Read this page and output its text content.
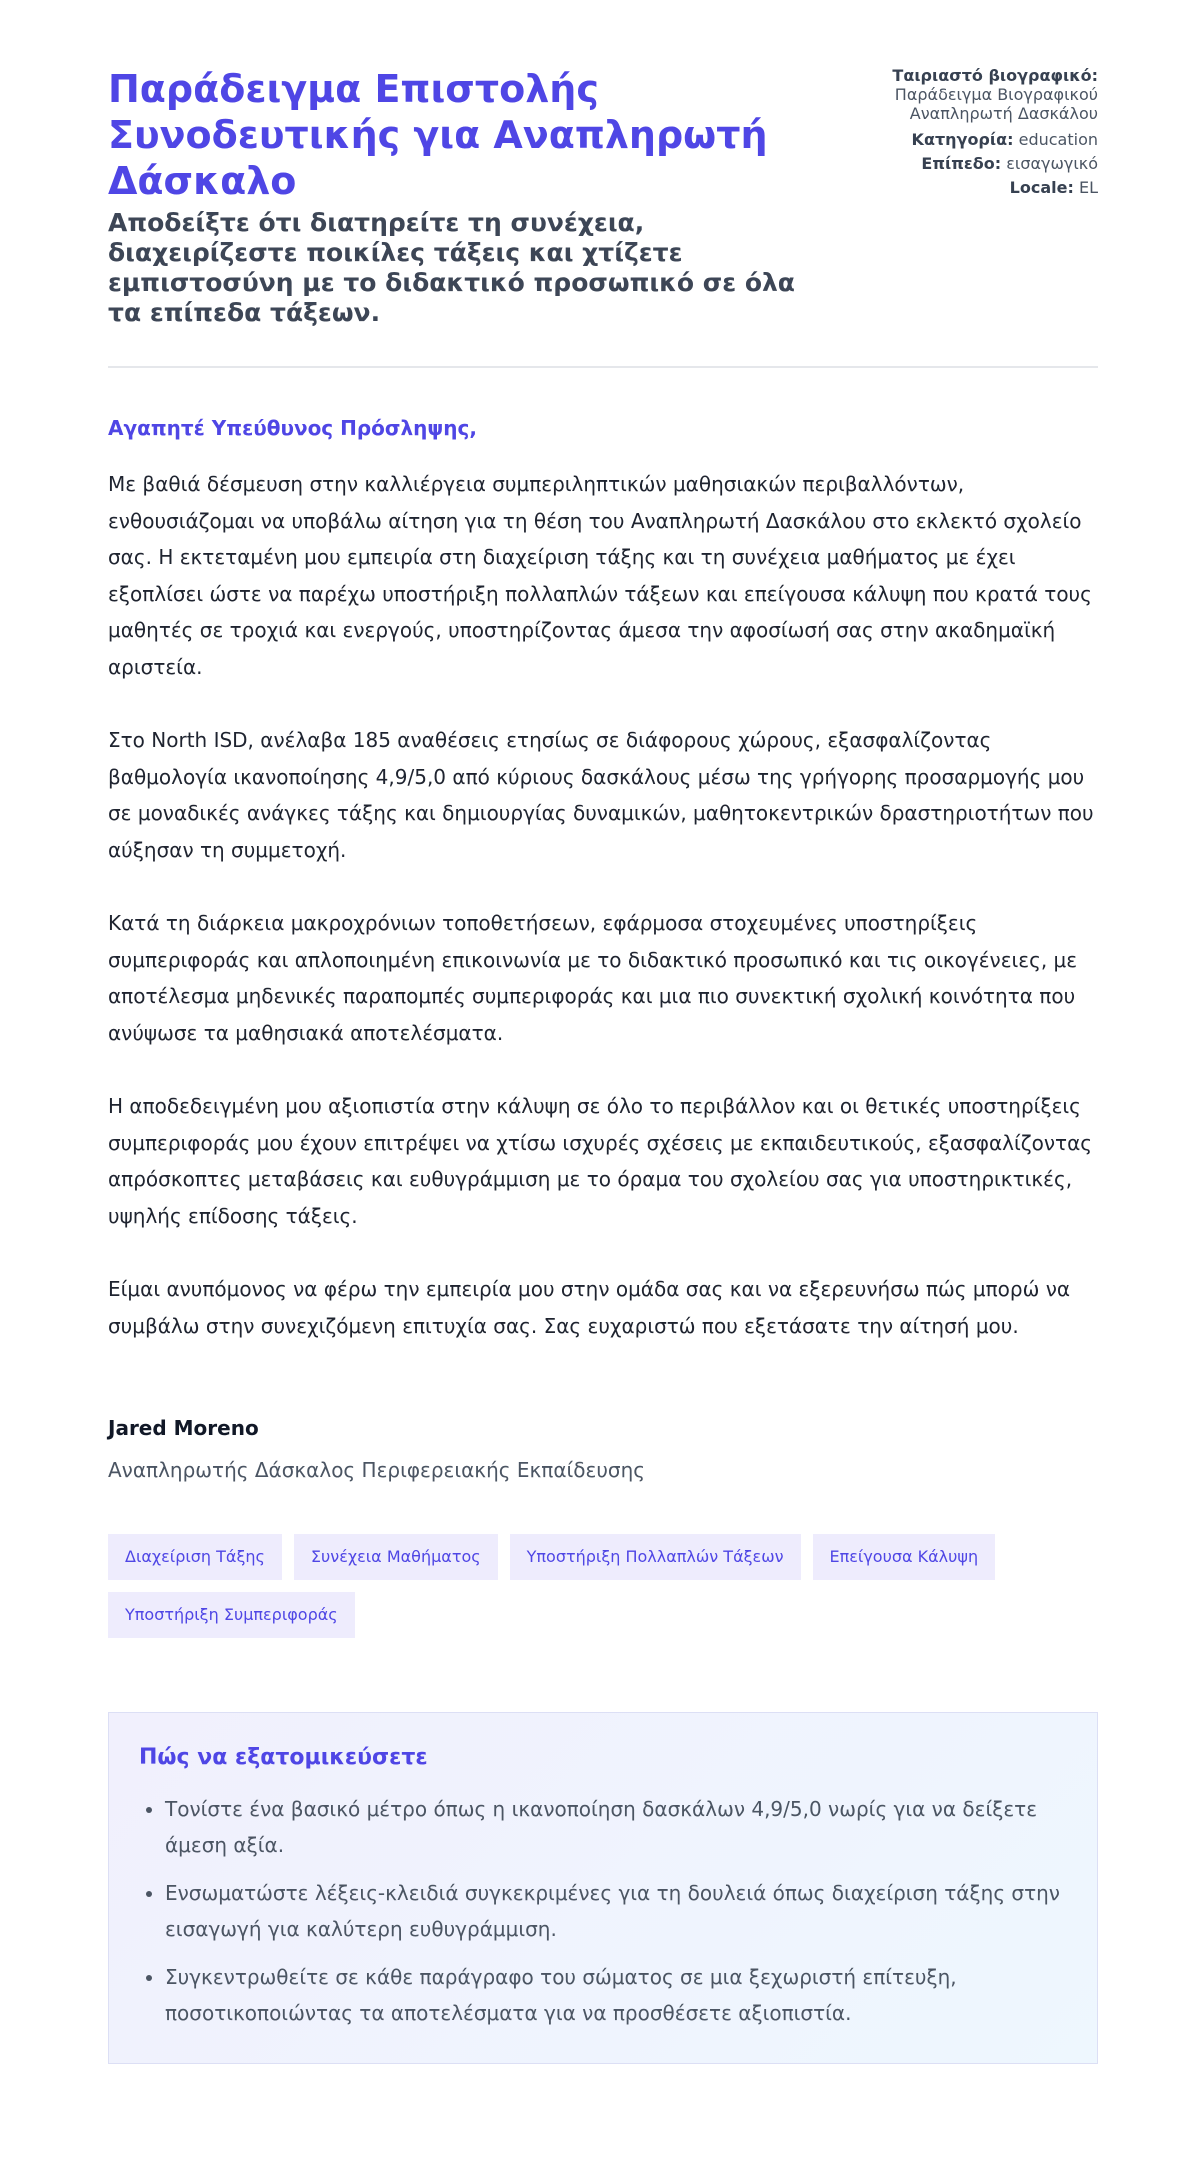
Παράδειγμα Επιστολής Συνοδευτικής για Αναπληρωτή Δάσκαλο
Αποδείξτε ότι διατηρείτε τη συνέχεια, διαχειρίζεστε ποικίλες τάξεις και χτίζετε εμπιστοσύνη με το διδακτικό προσωπικό σε όλα τα επίπεδα τάξεων.
Ταιριαστό βιογραφικό:
Παράδειγμα Βιογραφικού Αναπληρωτή Δασκάλου
Κατηγορία: education
Επίπεδο: εισαγωγικό
Locale: EL
Αγαπητέ Υπεύθυνος Πρόσληψης,

Με βαθιά δέσμευση στην καλλιέργεια συμπεριληπτικών μαθησιακών περιβαλλόντων, ενθουσιάζομαι να υποβάλω αίτηση για τη θέση του Αναπληρωτή Δασκάλου στο εκλεκτό σχολείο σας. Η εκτεταμένη μου εμπειρία στη διαχείριση τάξης και τη συνέχεια μαθήματος με έχει εξοπλίσει ώστε να παρέχω υποστήριξη πολλαπλών τάξεων και επείγουσα κάλυψη που κρατά τους μαθητές σε τροχιά και ενεργούς, υποστηρίζοντας άμεσα την αφοσίωσή σας στην ακαδημαϊκή αριστεία.

Στο North ISD, ανέλαβα 185 αναθέσεις ετησίως σε διάφορους χώρους, εξασφαλίζοντας βαθμολογία ικανοποίησης 4,9/5,0 από κύριους δασκάλους μέσω της γρήγορης προσαρμογής μου σε μοναδικές ανάγκες τάξης και δημιουργίας δυναμικών, μαθητοκεντρικών δραστηριοτήτων που αύξησαν τη συμμετοχή.

Κατά τη διάρκεια μακροχρόνιων τοποθετήσεων, εφάρμοσα στοχευμένες υποστηρίξεις συμπεριφοράς και απλοποιημένη επικοινωνία με το διδακτικό προσωπικό και τις οικογένειες, με αποτέλεσμα μηδενικές παραπομπές συμπεριφοράς και μια πιο συνεκτική σχολική κοινότητα που ανύψωσε τα μαθησιακά αποτελέσματα.

Η αποδεδειγμένη μου αξιοπιστία στην κάλυψη σε όλο το περιβάλλον και οι θετικές υποστηρίξεις συμπεριφοράς μου έχουν επιτρέψει να χτίσω ισχυρές σχέσεις με εκπαιδευτικούς, εξασφαλίζοντας απρόσκοπτες μεταβάσεις και ευθυγράμμιση με το όραμα του σχολείου σας για υποστηρικτικές, υψηλής επίδοσης τάξεις.

Είμαι ανυπόμονος να φέρω την εμπειρία μου στην ομάδα σας και να εξερευνήσω πώς μπορώ να συμβάλω στην συνεχιζόμενη επιτυχία σας. Σας ευχαριστώ που εξετάσατε την αίτησή μου.

Jared Moreno
Αναπληρωτής Δάσκαλος Περιφερειακής Εκπαίδευσης
Διαχείριση Τάξης	Συνέχεια Μαθήματος	Υποστήριξη Πολλαπλών Τάξεων	Επείγουσα Κάλυψη
Υποστήριξη Συμπεριφοράς
Πώς να εξατομικεύσετε
• Τονίστε ένα βασικό μέτρο όπως η ικανοποίηση δασκάλων 4,9/5,0 νωρίς για να δείξετε άμεση αξία.
• Ενσωματώστε λέξεις-κλειδιά συγκεκριμένες για τη δουλειά όπως διαχείριση τάξης στην εισαγωγή για καλύτερη ευθυγράμμιση.
• Συγκεντρωθείτε σε κάθε παράγραφο του σώματος σε μια ξεχωριστή επίτευξη, ποσοτικοποιώντας τα αποτελέσματα για να προσθέσετε αξιοπιστία.
